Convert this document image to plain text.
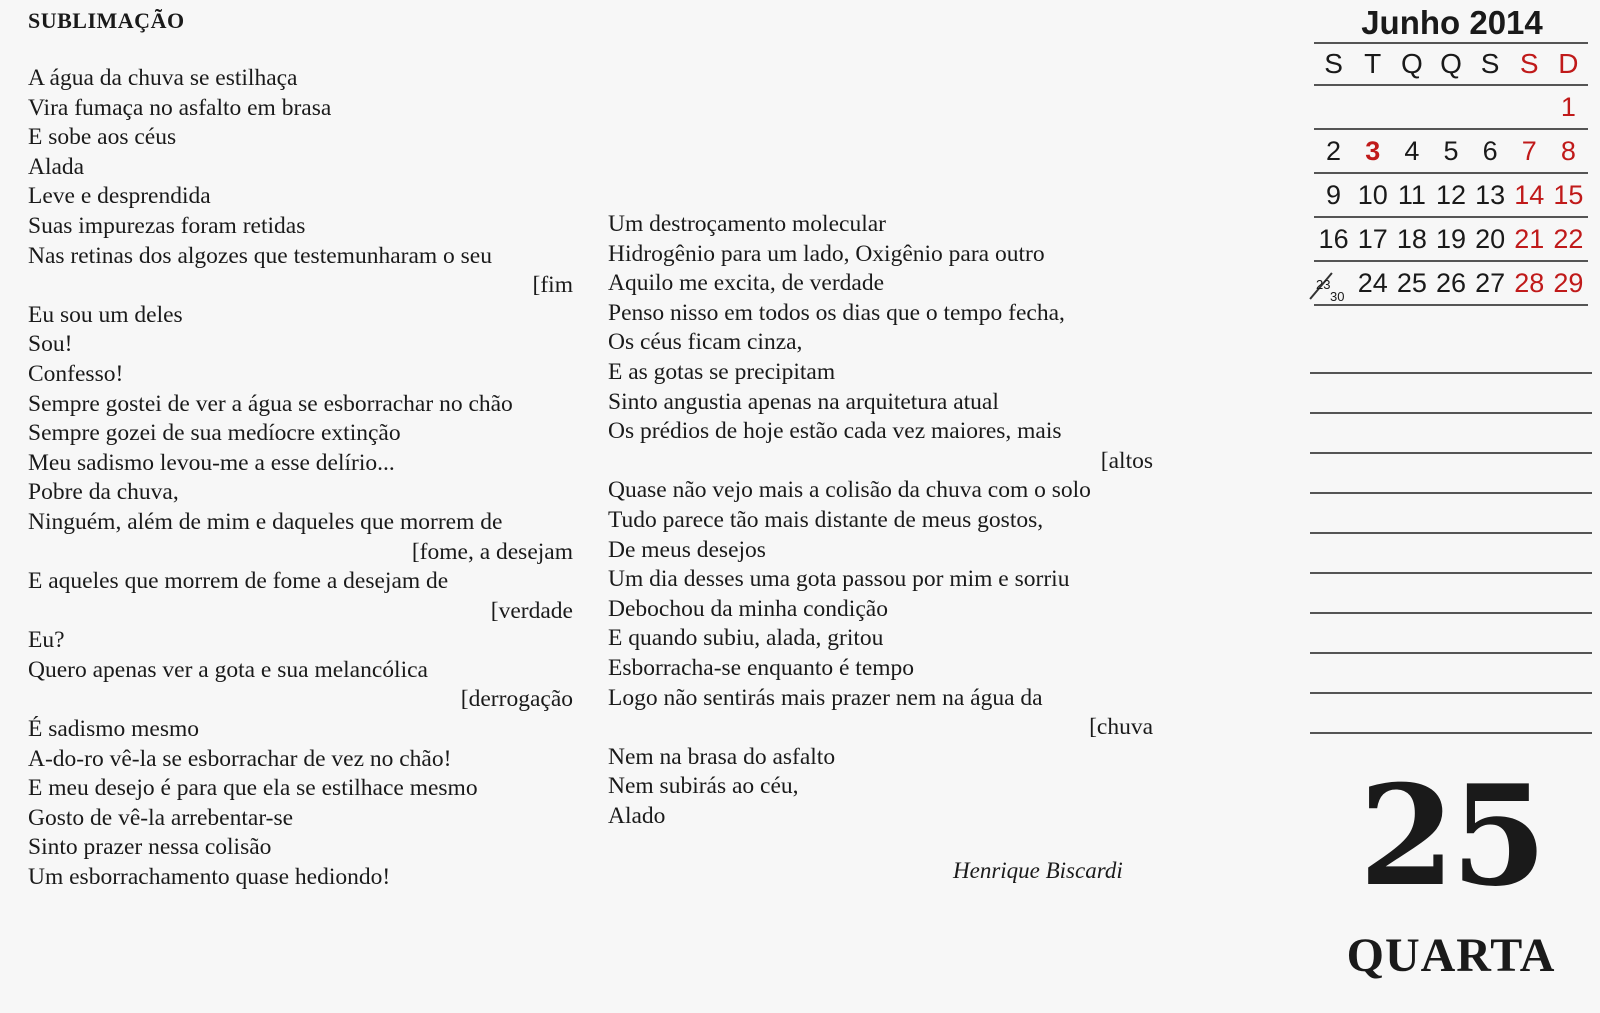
SUBLIMAÇÃO
A água da chuva se estilhaça
Vira fumaça no asfalto em brasa
E sobe aos céus
Alada
Leve e desprendida
Suas impurezas foram retidas
Nas retinas dos algozes que testemunharam o seu
[fim
Eu sou um deles
Sou!
Confesso!
Sempre gostei de ver a água se esborrachar no chão
Sempre gozei de sua medíocre extinção
Meu sadismo levou-me a esse delírio...
Pobre da chuva,
Ninguém, além de mim e daqueles que morrem de
[fome, a desejam
E aqueles que morrem de fome a desejam de
[verdade
Eu?
Quero apenas ver a gota e sua melancólica
[derrogação
É sadismo mesmo
A-do-ro vê-la se esborrachar de vez no chão!
E meu desejo é para que ela se estilhace mesmo
Gosto de vê-la arrebentar-se
Sinto prazer nessa colisão
Um esborrachamento quase hediondo!
Um destroçamento molecular
Hidrogênio para um lado, Oxigênio para outro
Aquilo me excita, de verdade
Penso nisso em todos os dias que o tempo fecha,
Os céus ficam cinza,
E as gotas se precipitam
Sinto angustia apenas na arquitetura atual
Os prédios de hoje estão cada vez maiores, mais
[altos
Quase não vejo mais a colisão da chuva com o solo
Tudo parece tão mais distante de meus gostos,
De meus desejos
Um dia desses uma gota passou por mim e sorriu
Debochou da minha condição
E quando subiu, alada, gritou
Esborracha-se enquanto é tempo
Logo não sentirás mais prazer nem na água da
[chuva
Nem na brasa do asfalto
Nem subirás ao céu,
Alado
Henrique Biscardi
Junho 2014
S T Q Q S S D
1
2 3 4 5 6 7 8
9 10 11 12 13 14 15
16 17 18 19 20 21 22
23
30 24 25 26 27 28 29
25
QUARTA
